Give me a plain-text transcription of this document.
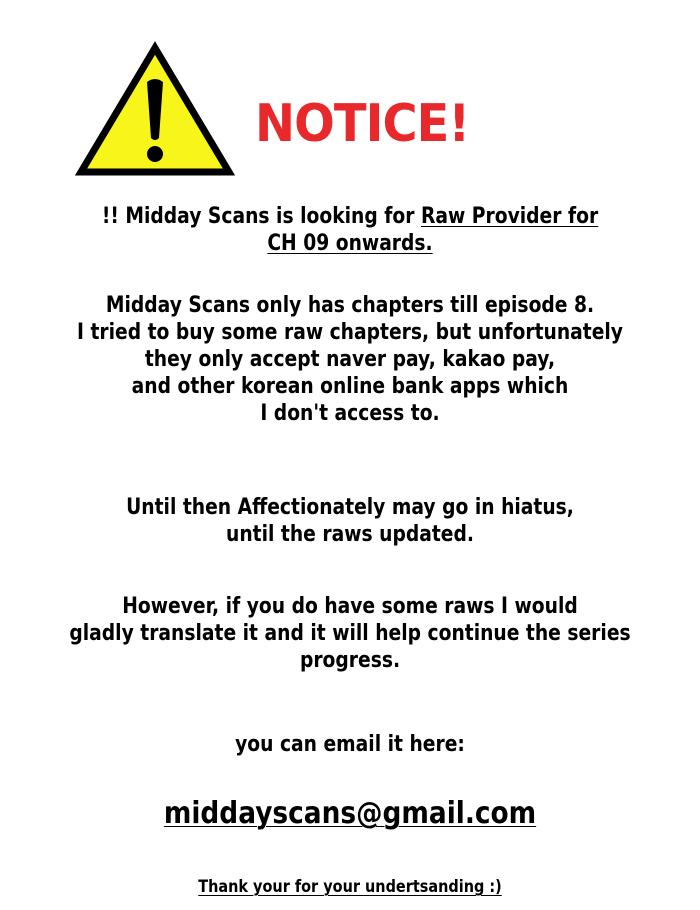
NOTICE!
!! Midday Scans is looking for Raw Provider for
CH 09 onwards.
Midday Scans only has chapters till episode 8.
I tried to buy some raw chapters, but unfortunately
they only accept naver pay, kakao pay,
and other korean online bank apps which
I don't access to.
Until then Affectionately may go in hiatus,
until the raws updated.
However, if you do have some raws I would
gladly translate it and it will help continue the series
progress.
you can email it here:
middayscans@gmail.com
Thank your for your undertsanding :)
